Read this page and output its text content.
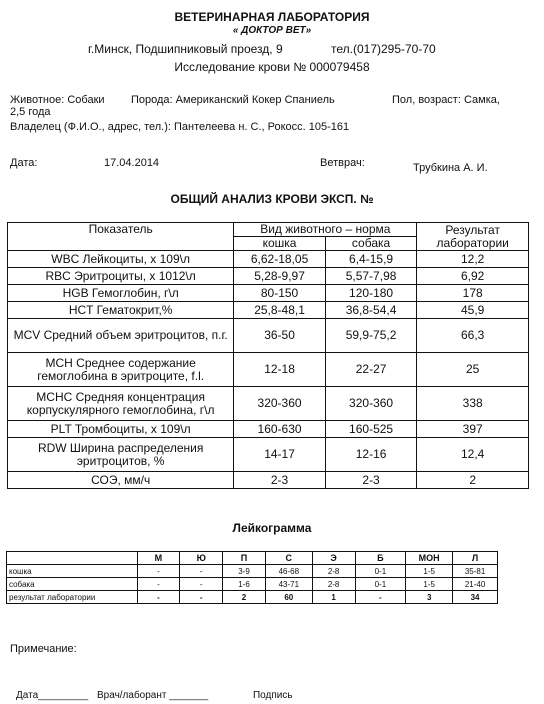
ВЕТЕРИНАРНАЯ ЛАБОРАТОРИЯ
« ДОКТОР ВЕТ»
г.Минск, Подшипниковый проезд, 9	тел.(017)295-70-70
Исследование крови № 000079458
Животное: Собаки Порода: Американский Кокер Спаниель	Пол, возраст: Самка,
2,5 года
Владелец (Ф.И.О., адрес, тел.): Пантелеева н. С., Рокосс. 105-161
Дата:	17.04.2014	Ветврач:	Трубкина А. И.
ОБЩИЙ АНАЛИЗ КРОВИ ЭКСП. №
Показатель	Вид животного – норма		Результат лаборатории
	кошка	собака	
WBC Лейкоциты, х 109\л	6,62-18,05	6,4-15,9	12,2
RBC Эритроциты, х 1012\л	5,28-9,97	5,57-7,98	6,92
HGB Гемоглобин, г\л	80-150	120-180	178
HCT Гематокрит,%	25,8-48,1	36,8-54,4	45,9
MCV Средний объем эритроцитов, п.г.	36-50	59,9-75,2	66,3
MCH Среднее содержание гемоглобина в эритроците, f.l.	12-18	22-27	25
MCHC Средняя концентрация корпускулярного гемоглобина, г\л	320-360	320-360	338
PLT Тромбоциты, х 109\л	160-630	160-525	397
RDW Ширина распределения эритроцитов, %	14-17	12-16	12,4
СОЭ, мм/ч	2-3	2-3	2
Лейкограмма
	М	Ю	П	С	Э	Б	МОН	Л
кошка	-	-	3-9	46-68	2-8	0-1	1-5	35-81
собака	-	-	1-6	43-71	2-8	0-1	1-5	21-40
результат лаборатории	-	-	2	60	1	-	3	34
Примечание:
Дата_________ Врач/лаборант _______	Подпись
